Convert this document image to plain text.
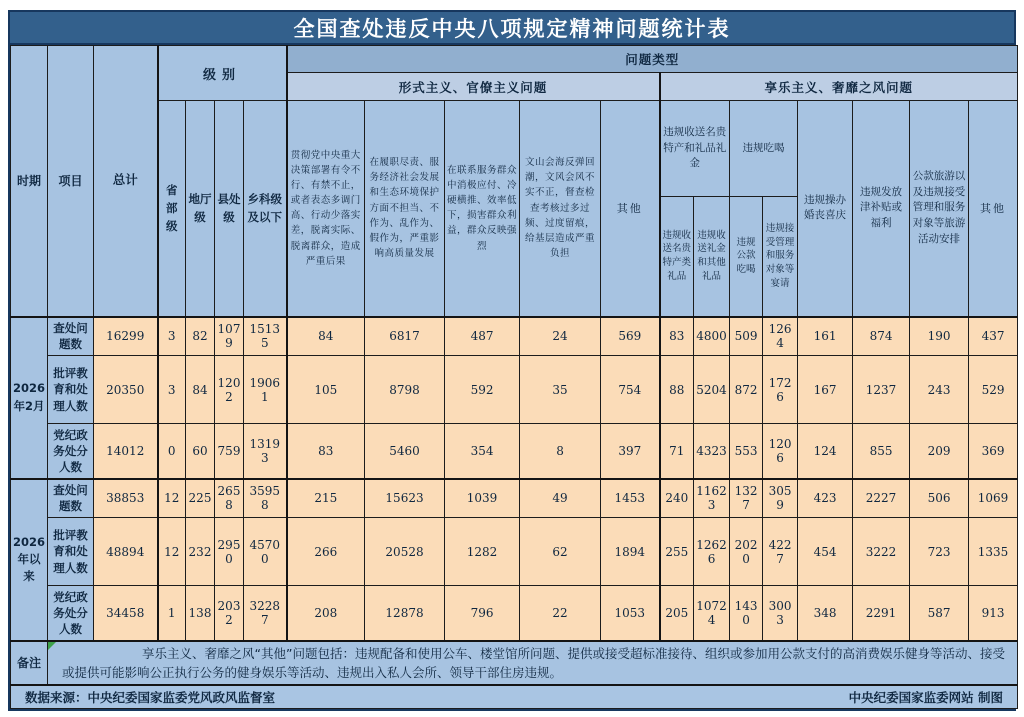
全国查处违反中央八项规定精神问题统计表
时期	项目	总计	级别				问题类型												
							形式主义、官僚主义问题					享乐主义、奢靡之风问题							
			省部级	地厅级	县处级	乡科级及以下	贯彻党中央重大决策部署有令不行、有禁不止，或者表态多调门高、行动少落实差，脱离实际、脱离群众，造成严重后果	在履职尽责、服务经济社会发展和生态环境保护方面不担当、不作为、乱作为、假作为，严重影响高质量发展	在联系服务群众中消极应付、冷硬横推、效率低下，损害群众利益，群众反映强烈	文山会海反弹回潮，文风会风不实不正，督查检查考核过多过频、过度留痕，给基层造成严重负担	其他	违规收送名贵特产和礼品礼金		违规吃喝		违规操办婚丧喜庆	违规发放津补贴或福利	公款旅游以及违规接受管理和服务对象等旅游活动安排	其他
												违规收送名贵特产类礼品	违规收送礼金和其他礼品	违规公款吃喝	违规接受管理和服务对象等宴请				
2026年2月	查处问题数	16299	3	82	1079	15135	84	6817	487	24	569	83	4800	509	1264	161	874	190	437
	批评教育和处理人数	20350	3	84	1202	19061	105	8798	592	35	754	88	5204	872	1726	167	1237	243	529
	党纪政务处分人数	14012	0	60	759	13193	83	5460	354	8	397	71	4323	553	1206	124	855	209	369
2026年以来	查处问题数	38853	12	225	2658	35958	215	15623	1039	49	1453	240	11623	1327	3059	423	2227	506	1069
	批评教育和处理人数	48894	12	232	2950	45700	266	20528	1282	62	1894	255	12626	2020	4227	454	3222	723	1335
	党纪政务处分人数	34458	1	138	2032	32287	208	12878	796	22	1053	205	10724	1430	3003	348	2291	587	913
备注	享乐主义、奢靡之风“其他”问题包括：违规配备和使用公车、楼堂馆所问题、提供或接受超标准接待、组织或参加用公款支付的高消费娱乐健身等活动、接受或提供可能影响公正执行公务的健身娱乐等活动、违规出入私人会所、领导干部住房违规。																		

数据来源：中央纪委国家监委党风政风监督室 中央纪委国家监委网站 制图																			
